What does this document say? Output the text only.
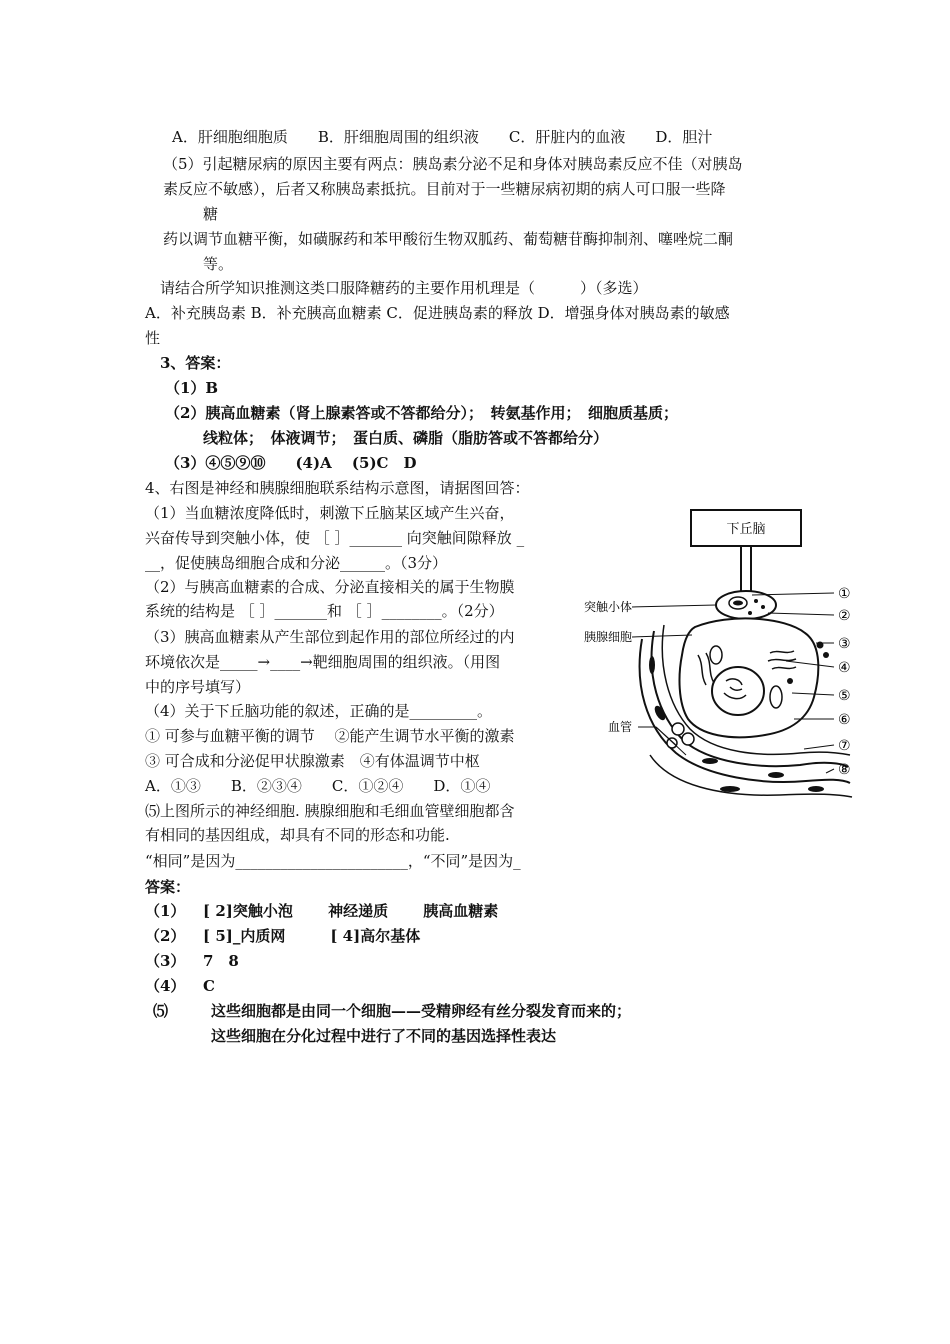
A．肝细胞细胞质　　B．肝细胞周围的组织液　　C．肝脏内的血液　　D．胆汁
（5）引起糖尿病的原因主要有两点：胰岛素分泌不足和身体对胰岛素反应不佳（对胰岛
素反应不敏感），后者又称胰岛素抵抗。目前对于一些糖尿病初期的病人可口服一些降
糖
药以调节血糖平衡，如磺脲药和苯甲酸衍生物双胍药、葡萄糖苷酶抑制剂、噻唑烷二酮
等。
请结合所学知识推测这类口服降糖药的主要作用机理是（　　　）（多选）
A．补充胰岛素 B．补充胰高血糖素 C．促进胰岛素的释放 D．增强身体对胰岛素的敏感
性
3、答案：
（1）B
（2）胰高血糖素（肾上腺素答或不答都给分）；　转氨基作用；　细胞质基质；
线粒体；　体液调节；　蛋白质、磷脂（脂肪答或不答都给分）
（3）④⑤⑨⑩　　(4)A　 (5)C　D
4、右图是神经和胰腺细胞联系结构示意图，请据图回答：
（1）当血糖浓度降低时，刺激下丘脑某区域产生兴奋，
兴奋传导到突触小体，使 ［ ］_______ 向突触间隙释放 _
__，促使胰岛细胞合成和分泌______。（3分）
（2）与胰高血糖素的合成、分泌直接相关的属于生物膜
系统的结构是 ［ ］_______和 ［ ］________。（2分）
（3）胰高血糖素从产生部位到起作用的部位所经过的内
环境依次是_____→____→靶细胞周围的组织液。（用图
中的序号填写）
（4）关于下丘脑功能的叙述，正确的是_________。
① 可参与血糖平衡的调节　 ②能产生调节水平衡的激素
③ 可合成和分泌促甲状腺激素　④有体温调节中枢
A．①③　　B．②③④　　C．①②④　　D．①④
⑸上图所示的神经细胞. 胰腺细胞和毛细血管壁细胞都含
有相同的基因组成，却具有不同的形态和功能.
“相同”是因为_______________________，“不同”是因为_
下丘脑
突触小体
胰腺细胞
血管
①
②
③
④
⑤
⑥
⑦
⑧
答案：
（1） [ 2]突触小泡　　 神经递质　　 胰高血糖素
（2） [ 5]_内质网　　　[ 4]高尔基体
（3） 7　8
（4） C
⑸	这些细胞都是由同一个细胞——受精卵经有丝分裂发育而来的；
这些细胞在分化过程中进行了不同的基因选择性表达
